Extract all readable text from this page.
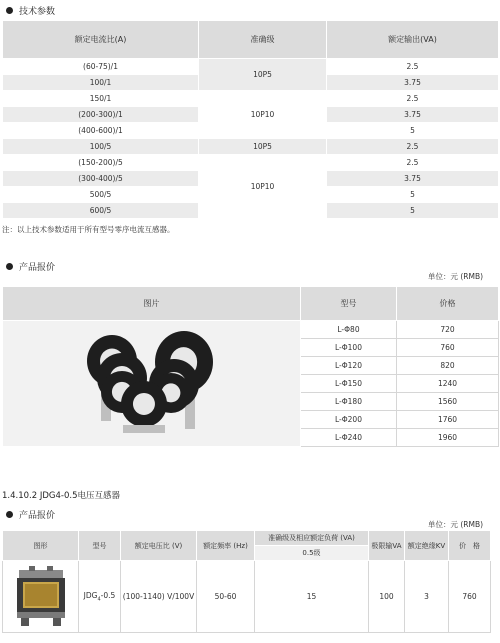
技术参数
额定电流比(A)	准确级	额定输出(VA)
(60-75)/1	10P5	2.5
100/1		3.75
150/1	10P10	2.5
(200-300)/1		3.75
(400-600)/1		5
100/5	10P5	2.5
(150-200)/5	10P10	2.5
(300-400)/5		3.75
500/5		5
600/5		5
注：以上技术参数适用于所有型号零序电流互感器。
产品报价
单位：元 (RMB)
图片	型号	价格

	L-Φ80	720
	L-Φ100	760
	L-Φ120	820
	L-Φ150	1240
	L-Φ180	1560
	L-Φ200	1760
	L-Φ240	1960
1.4.10.2 JDG4-0.5电压互感器
产品报价
单位：元 (RMB)
图形	型号	额定电压比 (V)	额定频率 (Hz)	准确级及相应额定负荷 (VA)	极限输VA	额定绝缘KV	价　格
				0.5级			
	$JDG_4-0.5$	(100-1140) V/100V	50-60	15	100	3	760
